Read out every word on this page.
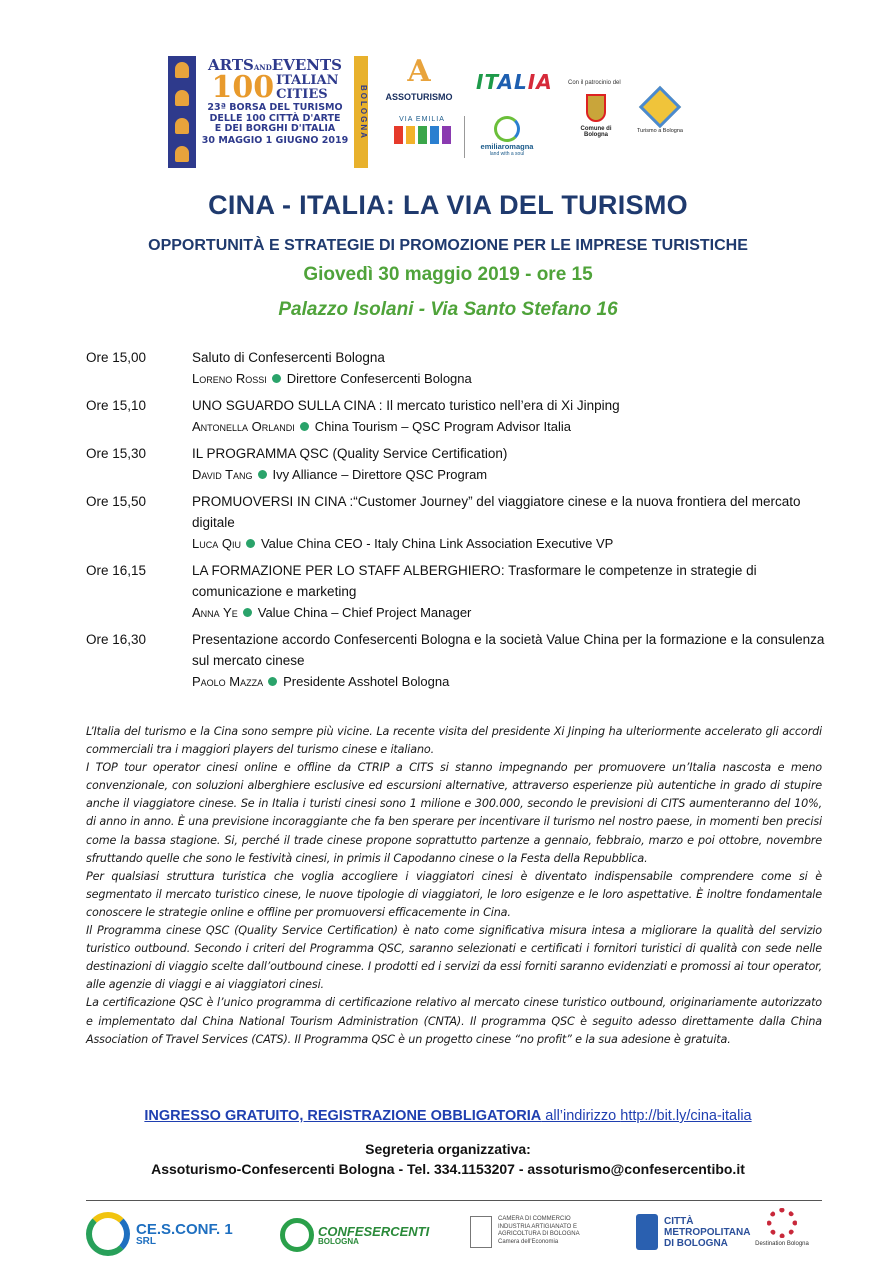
ARTSANDEVENTS
100 ITALIAN
CITIES
23ª BORSA DEL TURISMO
DELLE 100 CITTÀ D'ARTE
E DEI BORGHI D'ITALIA
30 MAGGIO 1 GIUGNO 2019
BOLOGNA
A
ASSOTURISMO
ITALIA
VIA EMILIA
emiliaromagna
land with a soul
Con il patrocinio del
Comune di Bologna
Turismo a Bologna
CINA - ITALIA: LA VIA DEL TURISMO
OPPORTUNITÀ E STRATEGIE DI PROMOZIONE PER LE IMPRESE TURISTICHE
Giovedì 30 maggio 2019 - ore 15
Palazzo Isolani - Via Santo Stefano 16
Ore 15,00	Saluto di Confesercenti Bologna
Loreno Rossi Direttore Confesercenti Bologna
Ore 15,10	UNO SGUARDO SULLA CINA : Il mercato turistico nell’era di Xi Jinping
Antonella Orlandi China Tourism – QSC Program Advisor Italia
Ore 15,30	IL PROGRAMMA QSC (Quality Service Certification)
David Tang Ivy Alliance – Direttore QSC Program
Ore 15,50	PROMUOVERSI IN CINA :“Customer Journey” del viaggiatore cinese e la nuova frontiera del mercato digitale
Luca Qiu Value China CEO - Italy China Link Association Executive VP
Ore 16,15	LA FORMAZIONE PER LO STAFF ALBERGHIERO: Trasformare le competenze in strategie di comunicazione e marketing
Anna Ye Value China – Chief Project Manager
Ore 16,30	Presentazione accordo Confesercenti Bologna e la società Value China per la formazione e la consulenza sul mercato cinese
Paolo Mazza Presidente Asshotel Bologna

L’Italia del turismo e la Cina sono sempre più vicine. La recente visita del presidente Xi Jinping ha ulteriormente accelerato gli accordi commerciali tra i maggiori players del turismo cinese e italiano.

I TOP tour operator cinesi online e offline da CTRIP a CITS si stanno impegnando per promuovere un’Italia nascosta e meno convenzionale, con soluzioni alberghiere esclusive ed escursioni alternative, attraverso esperienze più autentiche in grado di stupire anche il viaggiatore cinese. Se in Italia i turisti cinesi sono 1 milione e 300.000, secondo le previsioni di CITS aumenteranno del 10%, di anno in anno. È una previsione incoraggiante che fa ben sperare per incentivare il turismo nel nostro paese, in momenti ben precisi come la bassa stagione. Si, perché il trade cinese propone soprattutto partenze a gennaio, febbraio, marzo e poi ottobre, novembre sfruttando quelle che sono le festività cinesi, in primis il Capodanno cinese o la Festa della Repubblica.

Per qualsiasi struttura turistica che voglia accogliere i viaggiatori cinesi è diventato indispensabile comprendere come si è segmentato il mercato turistico cinese, le nuove tipologie di viaggiatori, le loro esigenze e le loro aspettative. È inoltre fondamentale conoscere le strategie online e offline per promuoversi efficacemente in Cina.

Il Programma cinese QSC (Quality Service Certification) è nato come significativa misura intesa a migliorare la qualità del servizio turistico outbound. Secondo i criteri del Programma QSC, saranno selezionati e certificati i fornitori turistici di qualità con sede nelle destinazioni di viaggio scelte dall’outbound cinese. I prodotti ed i servizi da essi forniti saranno evidenziati e promossi ai tour operator, alle agenzie di viaggi e ai viaggiatori cinesi.

La certificazione QSC è l’unico programma di certificazione relativo al mercato cinese turistico outbound, originariamente autorizzato e implementato dal China National Tourism Administration (CNTA). Il programma QSC è seguito adesso direttamente dalla China Association of Travel Services (CATS). Il Programma QSC è un progetto cinese “no profit” e la sua adesione è gratuita.

INGRESSO GRATUITO, REGISTRAZIONE OBBLIGATORIA all’indirizzo http://bit.ly/cina-italia
Segreteria organizzativa:
Assoturismo-Confesercenti Bologna - Tel. 334.1153207 - assoturismo@confesercentibo.it
CE.S.CONF. 1
SRL
CONFESERCENTI
BOLOGNA
CAMERA DI COMMERCIO INDUSTRIA ARTIGIANATO E AGRICOLTURA DI BOLOGNA
Camera dell'Economia
CITTÀ
METROPOLITANA
DI BOLOGNA	Destination Bologna
